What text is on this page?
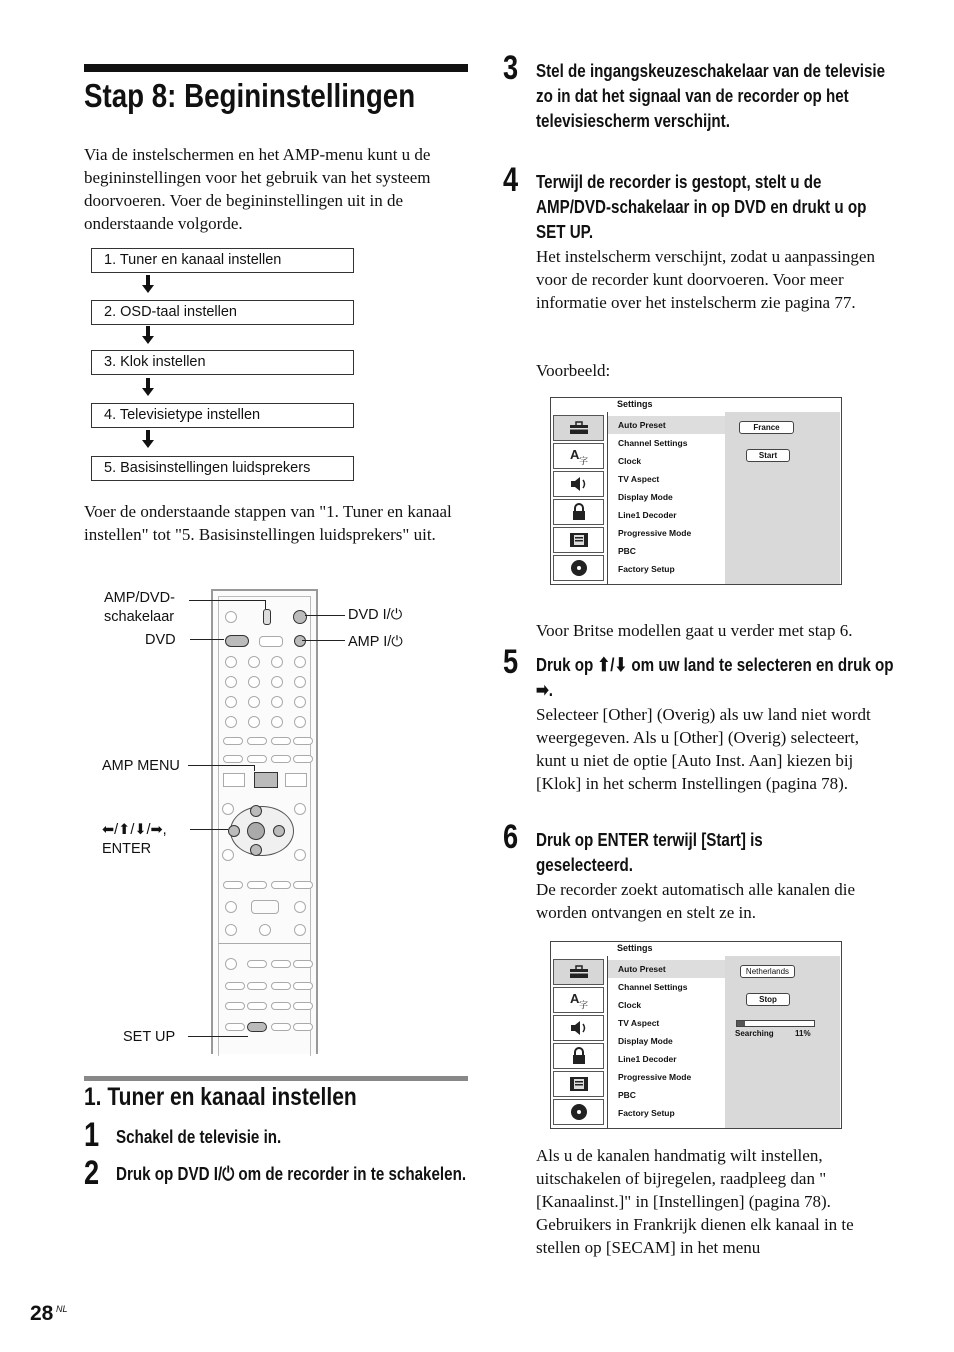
Stap 8: Begininstellingen
Via de instelschermen en het AMP-menu kunt u de begininstellingen voor het gebruik van het systeem doorvoeren. Voer de begininstellingen uit in de onderstaande volgorde.
1. Tuner en kanaal instellen
2. OSD-taal instellen
3. Klok instellen
4. Televisietype instellen
5. Basisinstellingen luidsprekers
Voer de onderstaande stappen van "1. Tuner en kanaal instellen" tot "5. Basisinstellingen luidsprekers" uit.
AMP/DVD-
schakelaar
DVD
DVD I/⏻
AMP I/⏻
AMP MENU
⬅/⬆/⬇/➡,
ENTER
SET UP
1. Tuner en kanaal instellen
1 Schakel de televisie in.
2 Druk op DVD I/⏻ om de recorder in te schakelen.
28 NL
3 Stel de ingangskeuzeschakelaar van de televisie zo in dat het signaal van de recorder op het televisiescherm verschijnt.
4 Terwijl de recorder is gestopt, stelt u de AMP/DVD-schakelaar in op DVD en drukt u op SET UP.
Het instelscherm verschijnt, zodat u aanpassingen voor de recorder kunt doorvoeren. Voor meer informatie over het instelscherm zie pagina 77.
Voorbeeld:
Settings
A 字
Auto Preset
Channel Settings
Clock
TV Aspect
Display Mode
Line1 Decoder
Progressive Mode
PBC
Factory Setup
France
Start
Voor Britse modellen gaat u verder met stap 6.
5 Druk op ⬆/⬇ om uw land te selecteren en druk op ➡.
Selecteer [Other] (Overig) als uw land niet wordt weergegeven. Als u [Other] (Overig) selecteert, kunt u niet de optie [Auto Inst. Aan] kiezen bij [Klok] in het scherm Instellingen (pagina 78).
6 Druk op ENTER terwijl [Start] is geselecteerd.
De recorder zoekt automatisch alle kanalen die worden ontvangen en stelt ze in.
Settings
A 字
Auto Preset
Channel Settings
Clock
TV Aspect
Display Mode
Line1 Decoder
Progressive Mode
PBC
Factory Setup
Netherlands
Stop
Searching	11%
Als u de kanalen handmatig wilt instellen, uitschakelen of bijregelen, raadpleeg dan "[Kanaalinst.]" in [Instellingen] (pagina 78). Gebruikers in Frankrijk dienen elk kanaal in te stellen op [SECAM] in het menu
